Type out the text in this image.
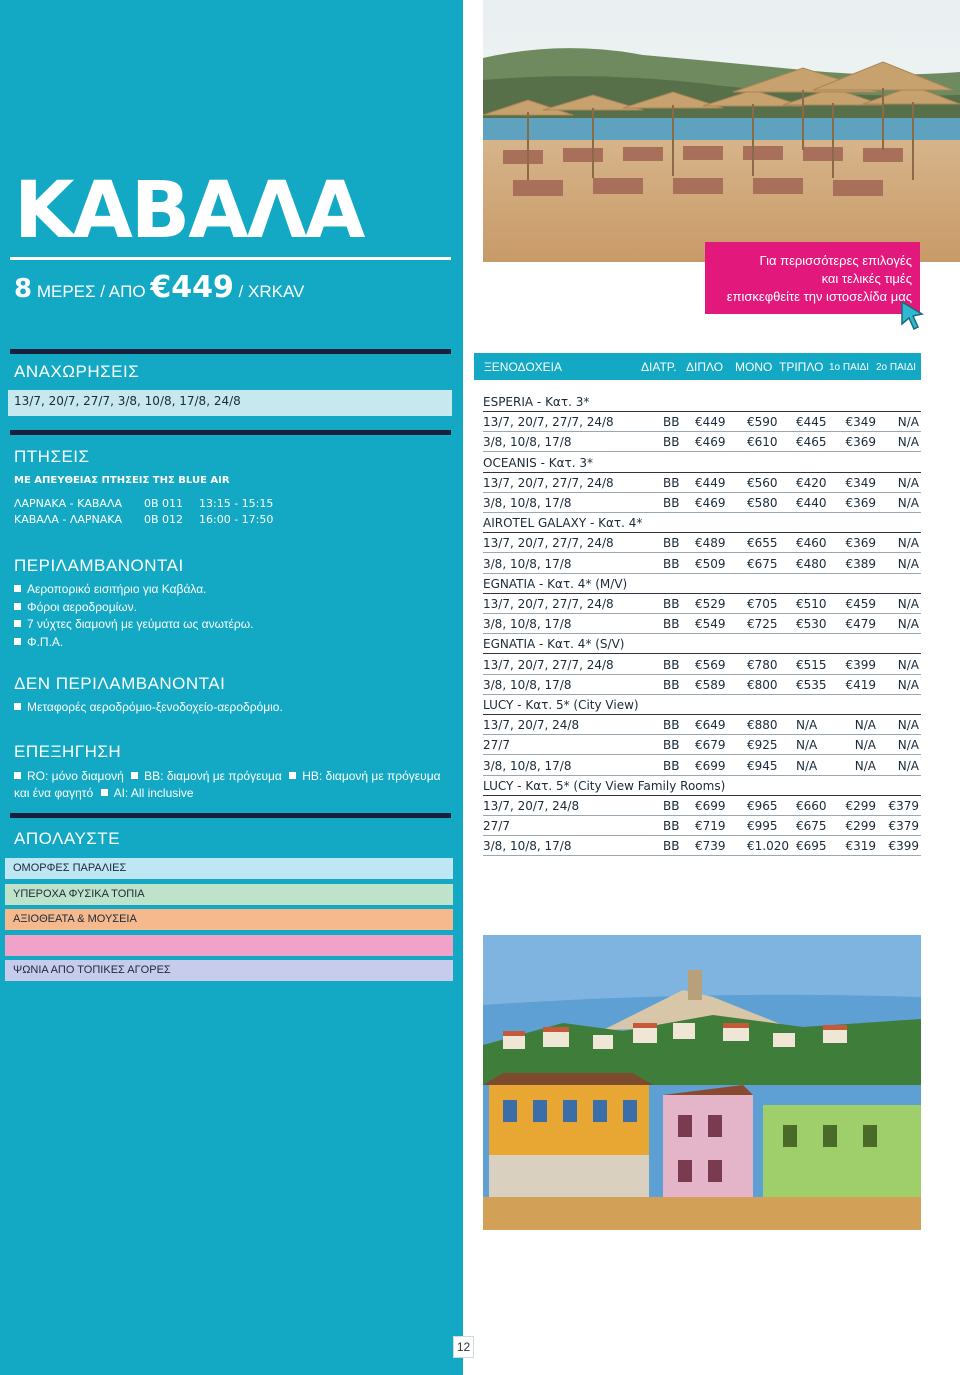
ΚΑΒΑΛΑ
8 ΜΕΡΕΣ / ΑΠΟ €449 / XRKAV
ΑΝΑΧΩΡΗΣΕΙΣ
13/7, 20/7, 27/7, 3/8, 10/8, 17/8, 24/8
ΠΤΗΣΕΙΣ
ΜΕ ΑΠΕΥΘΕΙΑΣ ΠΤΗΣΕΙΣ ΤΗΣ BLUE AIR
ΛΑΡΝΑΚΑ - ΚΑΒΑΛΑ 0B 011 13:15 - 15:15
ΚΑΒΑΛΑ - ΛΑΡΝΑΚΑ 0B 012 16:00 - 17:50
ΠΕΡΙΛΑΜΒΑΝΟΝΤΑΙ
Αεροπορικό εισιτήριο για Καβάλα.
Φόροι αεροδρομίων.
7 νύχτες διαμονή με γεύματα ως ανωτέρω.
Φ.Π.Α.
ΔΕΝ ΠΕΡΙΛΑΜΒΑΝΟΝΤΑΙ
Μεταφορές αεροδρόμιο-ξενοδοχείο-αεροδρόμιο.
ΕΠΕΞΗΓΗΣΗ
RO: μόνο διαμονή BB: διαμονή με πρόγευμα HB: διαμονή με πρόγευμα και ένα φαγητό AI: All inclusive
ΑΠΟΛΑΥΣΤΕ
ΟΜΟΡΦΕΣ ΠΑΡΑΛΙΕΣ
ΥΠΕΡΟΧΑ ΦΥΣΙΚΑ ΤΟΠΙΑ
ΑΞΙΟΘΕΑΤΑ & ΜΟΥΣΕΙΑ
ΨΩΝΙΑ ΑΠΟ ΤΟΠΙΚΕΣ ΑΓΟΡΕΣ
12
Για περισσότερες επιλογές
και τελικές τιμές
επισκεφθείτε την ιστοσελίδα μας
ΞΕΝΟΔΟΧΕΙΑ	ΔΙΑΤΡ. ΔΙΠΛΟ ΜΟΝΟ ΤΡΙΠΛΟ 1ο ΠΑΙΔΙ 2ο ΠΑΙΔΙ
ESPERIA - Κατ. 3*
13/7, 20/7, 27/7, 24/8	BB €449 €590 €445 €349 N/A
3/8, 10/8, 17/8	BB €469 €610 €465 €369 N/A
OCEANIS - Κατ. 3*
13/7, 20/7, 27/7, 24/8	BB €449 €560 €420 €349 N/A
3/8, 10/8, 17/8	BB €469 €580 €440 €369 N/A
AIROTEL GALAXY - Κατ. 4*
13/7, 20/7, 27/7, 24/8	BB €489 €655 €460 €369 N/A
3/8, 10/8, 17/8	BB €509 €675 €480 €389 N/A
EGNATIA - Κατ. 4* (M/V)
13/7, 20/7, 27/7, 24/8	BB €529 €705 €510 €459 N/A
3/8, 10/8, 17/8	BB €549 €725 €530 €479 N/A
EGNATIA - Κατ. 4* (S/V)
13/7, 20/7, 27/7, 24/8	BB €569 €780 €515 €399 N/A
3/8, 10/8, 17/8	BB €589 €800 €535 €419 N/A
LUCY - Κατ. 5* (City View)
13/7, 20/7, 24/8	BB €649 €880 N/A	N/A N/A
27/7	BB €679 €925 N/A	N/A N/A
3/8, 10/8, 17/8	BB €699 €945 N/A	N/A N/A
LUCY - Κατ. 5* (City View Family Rooms)
13/7, 20/7, 24/8	BB €699 €965 €660 €299 €379
27/7	BB €719 €995 €675 €299 €379
3/8, 10/8, 17/8	BB €739 €1.020 €695 €319 €399
